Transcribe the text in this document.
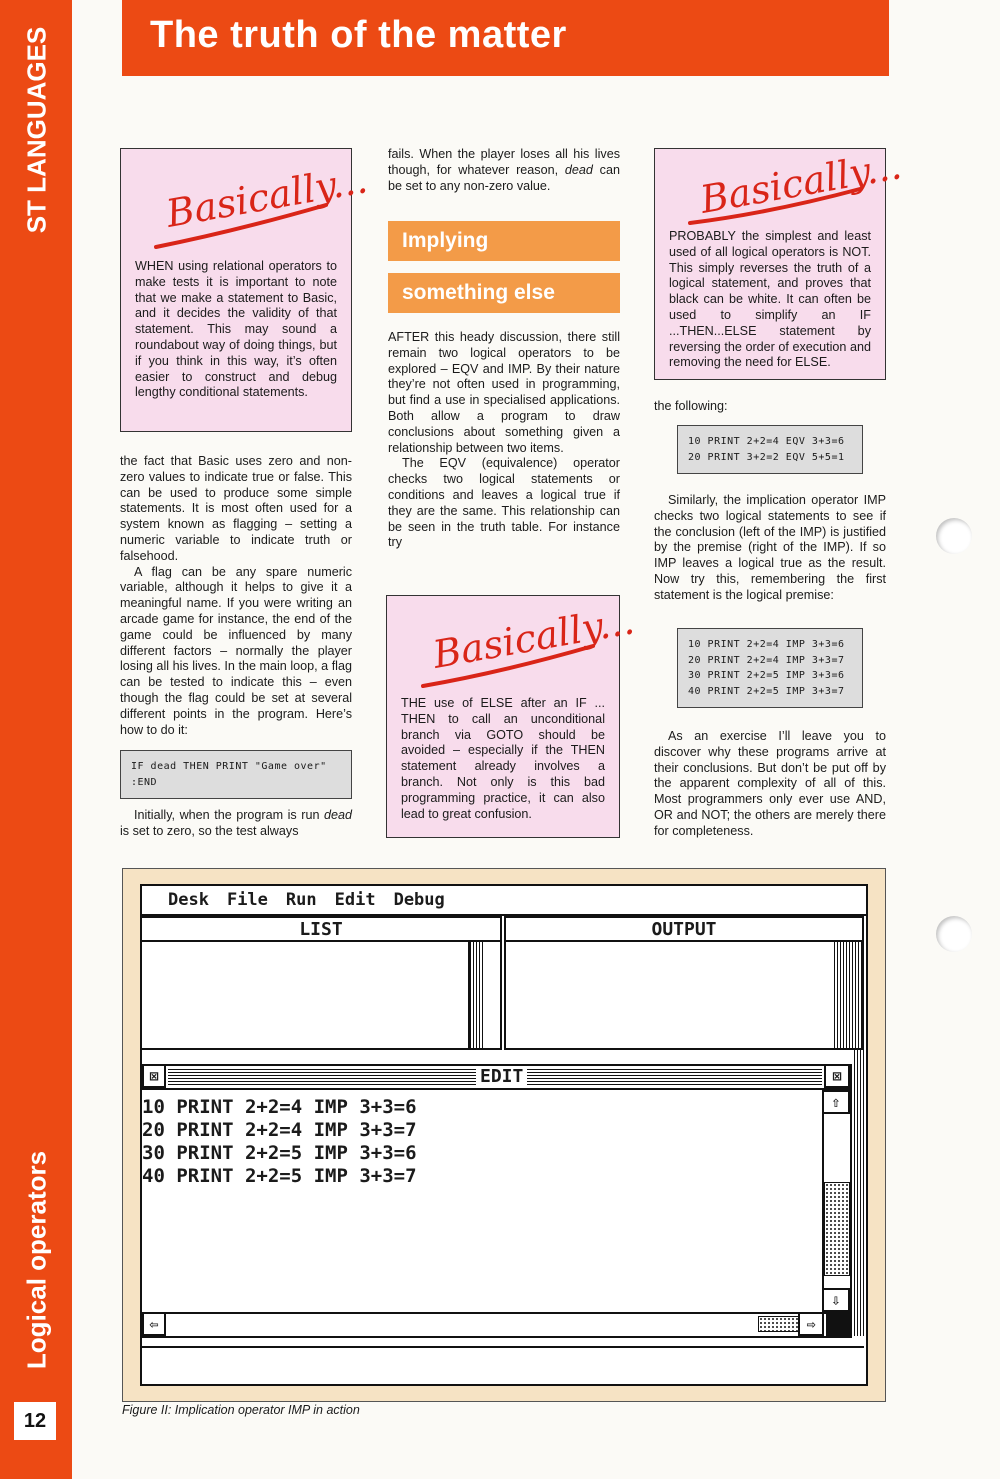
ST LANGUAGES
Logical operators
12
The truth of the matter
Basically...

WHEN using relational operators to make tests it is important to note that we make a statement to Basic, and it decides the validity of that statement. This may sound a roundabout way of doing things, but if you think in this way, it’s often easier to construct and debug lengthy conditional statements.

the fact that Basic uses zero and non-zero values to indicate true or false. This can be used to produce some simple statements. It is most often used for a system known as flagging – setting a numeric variable to indicate truth or falsehood.

A flag can be any spare numeric variable, although it helps to give it a meaningful name. If you were writing an arcade game for instance, the end of the game could be influenced by many different factors – normally the player losing all his lives. In the main loop, a flag can be tested to indicate this – even though the flag could be set at several different points in the program. Here’s how to do it:

IF dead THEN PRINT "Game over"
:END

Initially, when the program is run dead is set to zero, so the test always

fails. When the player loses all his lives though, for whatever reason, dead can be set to any non-zero value.

Implying
something else

AFTER this heady discussion, there still remain two logical operators to be explored – EQV and IMP. By their nature they’re not often used in programming, but find a use in specialised applications. Both allow a program to draw conclusions about something given a relationship between two items.

The EQV (equivalence) operator checks two logical statements or conditions and leaves a logical true if they are the same. This relationship can be seen in the truth table. For instance try

Basically...

THE use of ELSE after an IF ... THEN to call an unconditional branch via GOTO should be avoided – especially if the THEN statement already involves a branch. Not only is this bad programming practice, it can also lead to great confusion.

Basically...

PROBABLY the simplest and least used of all logical operators is NOT. This simply reverses the truth of a logical statement, and proves that black can be white. It can often be used to simplify an IF ...THEN...ELSE statement by reversing the order of execution and removing the need for ELSE.

the following:

10 PRINT 2+2=4 EQV 3+3=6
20 PRINT 3+2=2 EQV 5+5=1

Similarly, the implication operator IMP checks two logical statements to see if the conclusion (left of the IMP) is justified by the premise (right of the IMP). If so IMP leaves a logical true as the result. Now try this, remembering the first statement is the logical premise:

10 PRINT 2+2=4 IMP 3+3=6
20 PRINT 2+2=4 IMP 3+3=7
30 PRINT 2+2=5 IMP 3+3=6
40 PRINT 2+2=5 IMP 3+3=7

As an exercise I’ll leave you to discover why these programs arrive at their conclusions. But don’t be put off by the apparent complexity of all of this. Most programmers only ever use AND, OR and NOT; the others are merely there for completeness.

Desk File Run Edit Debug
LIST	OUTPUT
⊠	EDIT	⊠
10 PRINT 2+2=4 IMP 3+3=6
20 PRINT 2+2=4 IMP 3+3=7
30 PRINT 2+2=5 IMP 3+3=6
40 PRINT 2+2=5 IMP 3+3=7
⇧
⇩
⇦	⇨
Figure II: Implication operator IMP in action
